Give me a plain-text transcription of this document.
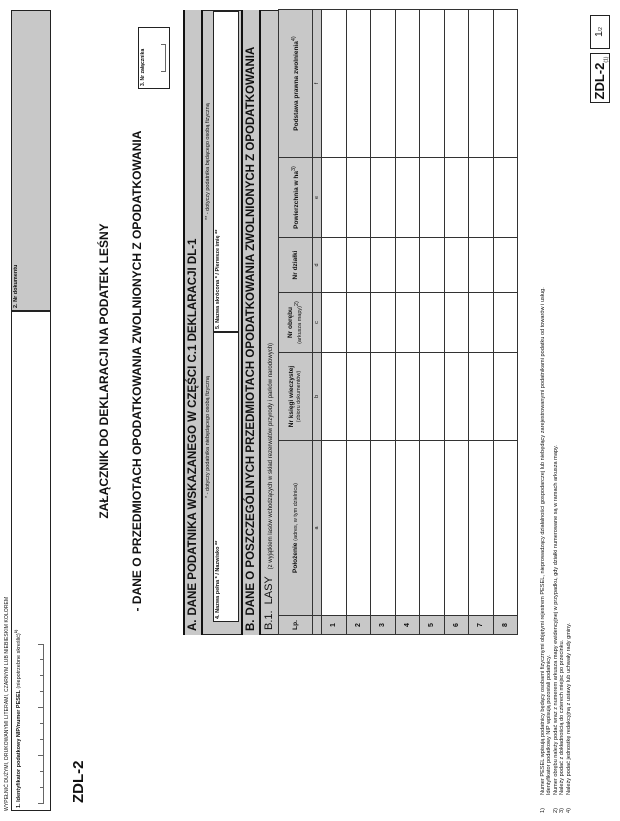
WYPEŁNIĆ DUŻYMI, DRUKOWANYMI LITERAMI, CZARNYM LUB NIEBIESKIM KOLOREM	1. Identyfikator podatkowy NIP/numer PESEL (niepotrzebne skreślić)$^{1)}$
2. Nr dokumentu
ZDL-2
ZAŁĄCZNIK DO DEKLARACJI NA PODATEK LEŚNY - DANE O PRZEDMIOTACH OPODATKOWANIA ZWOLNIONYCH Z OPODATKOWANIA
3. Nr załącznika
A.DANE PODATNIKA WSKAZANEGO W CZĘŚCI C.1 DEKLARACJI DL-1	* - dotyczy podatnika niebędącego osobą fizyczną
** - dotyczy podatnika będącego osobą fizyczną
4. Nazwa pełna * / Nazwisko **
5. Nazwa skrócona * / Pierwsze imię **
B.DANE O POSZCZEGÓLNYCH PRZEDMIOTACH OPODATKOWANIA ZWOLNIONYCH Z OPODATKOWANIA
B.1. LASY (z wyjątkiem lasów wchodzących w skład rezerwatów przyrody i parków narodowych)
Lp.	Położenie (adres, w tym dzielnica)	Nr księgi wieczystej
(zbioru dokumentów)	Nr obrębu (arkusza mapy)$^{2)}$	Nr działki	Powierzchnia w $ha^{3)}$	Podstawa prawna zwolnienia$^{4)}$
	a	b	c	d	e	f
1						
2						
3						
4						
5						
6						
7						
8						
1)Numer PESEL wpisują podatnicy będący osobami fizycznymi objętymi rejestrem PESEL, nieprowadzący działalności gospodarczej lub niebędący zarejestrowanymi podatnikami podatku od towarów i usług. Identyfikator podatkowy NIP wpisują pozostali podatnicy.
2)Numer obrębu należy podać wraz z numerem arkusza mapy ewidencyjnej w przypadku, gdy działki numerowane są w ramach arkusza mapy.
3)Należy podać z dokładnością do czterech miejsc po przecinku.
4)Należy podać jednostkę redakcyjną z ustawy lub uchwały rady gminy.
ZDL-$2_{(1)}$
1/2
